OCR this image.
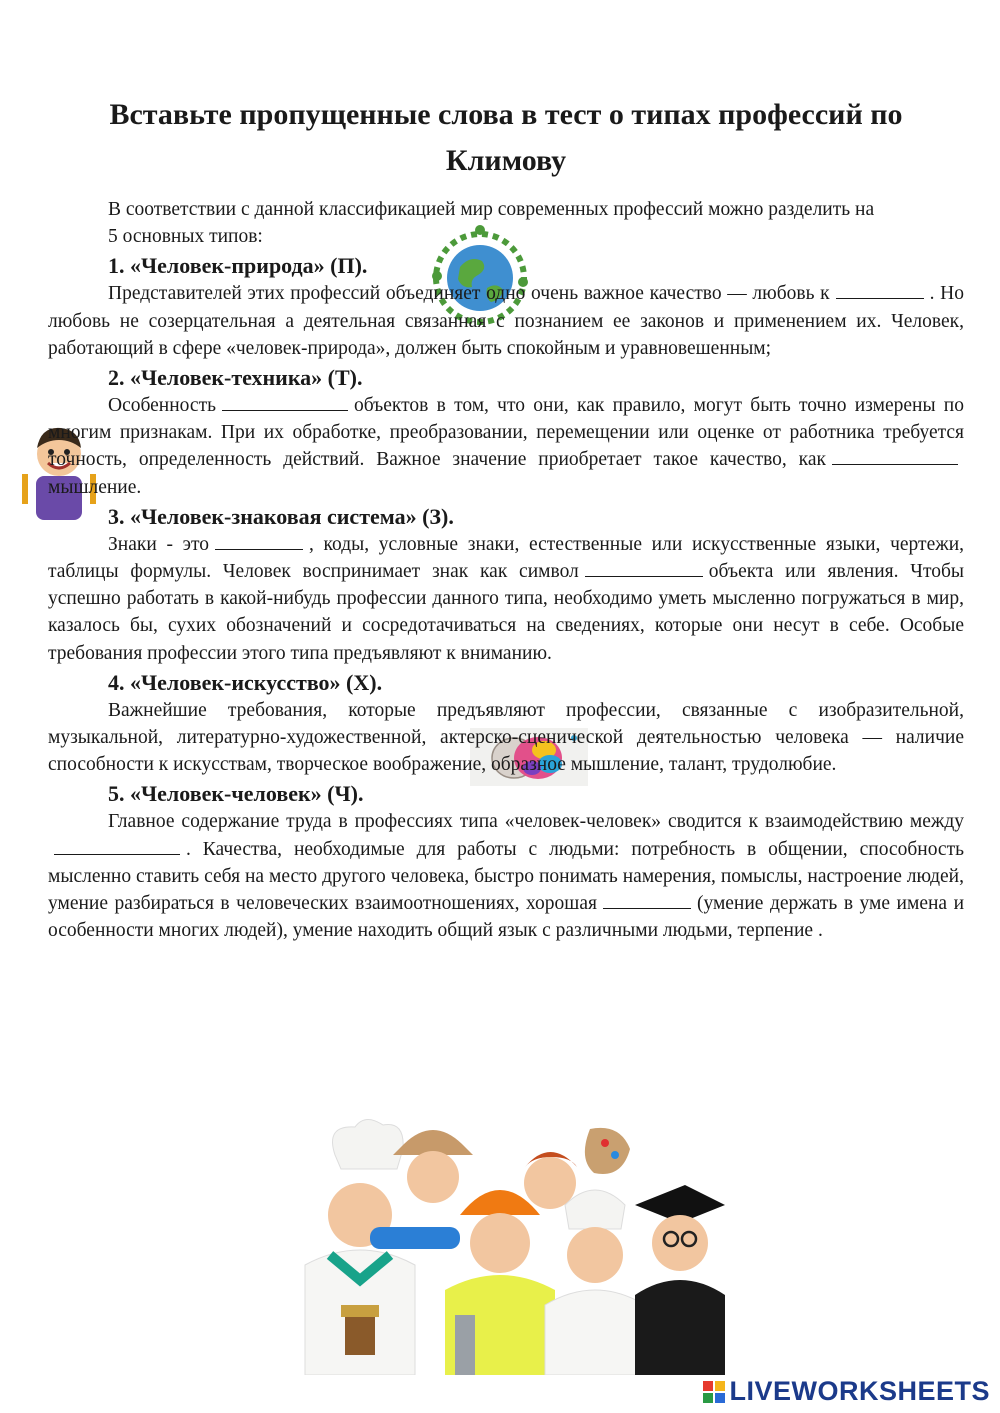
Вставьте пропущенные слова в тест о типах профессий по Климову

В соответствии с данной классификацией мир современных профессий можно разделить на

5 основных типов:

1. «Человек-природа» (П).

Представителей этих профессий объединяет одно очень важное качество — любовь к	. Но любовь не созерцательная а деятельная связанная с познанием ее законов и применением их. Человек, работающий в сфере «человек-природа», должен быть спокойным и уравновешенным;

2. «Человек-техника» (Т).

Особенность	объектов в том, что они, как правило, могут быть точно измерены по многим признакам. При их обработке, преобразовании, перемещении или оценке от работника требуется точность, определенность действий. Важное значение приобретает такое качество, какмышление.

3. «Человек-знаковая система» (З).

Знаки - это	, коды, условные знаки, естественные или искусственные языки, чертежи, таблицы формулы. Человек воспринимает знак как символ	объекта или явления. Чтобы успешно работать в какой-нибудь профессии данного типа, необходимо уметь мысленно погружаться в мир, казалось бы, сухих обозначений и сосредотачиваться на сведениях, которые они несут в себе. Особые требования профессии этого типа предъявляют к вниманию.

4. «Человек-искусство» (Х).

Важнейшие требования, которые предъявляют профессии, связанные с изобразительной, музыкальной, литературно-художественной, актерско-сценической деятельностью человека — наличие способности к искусствам, творческое воображение, образное мышление, талант, трудолюбие.

5. «Человек-человек» (Ч).

Главное содержание труда в профессиях типа «человек-человек» сводится к взаимодействию между. Качества, необходимые для работы с людьми: потребность в общении, способность мысленно ставить себя на место другого человека, быстро понимать намерения, помыслы, настроение людей, умение разбираться в человеческих взаимоотношениях, хорошая	(умение держать в уме имена и особенности многих людей), умение находить общий язык с различными людьми, терпение .

LIVEWORKSHEETS
